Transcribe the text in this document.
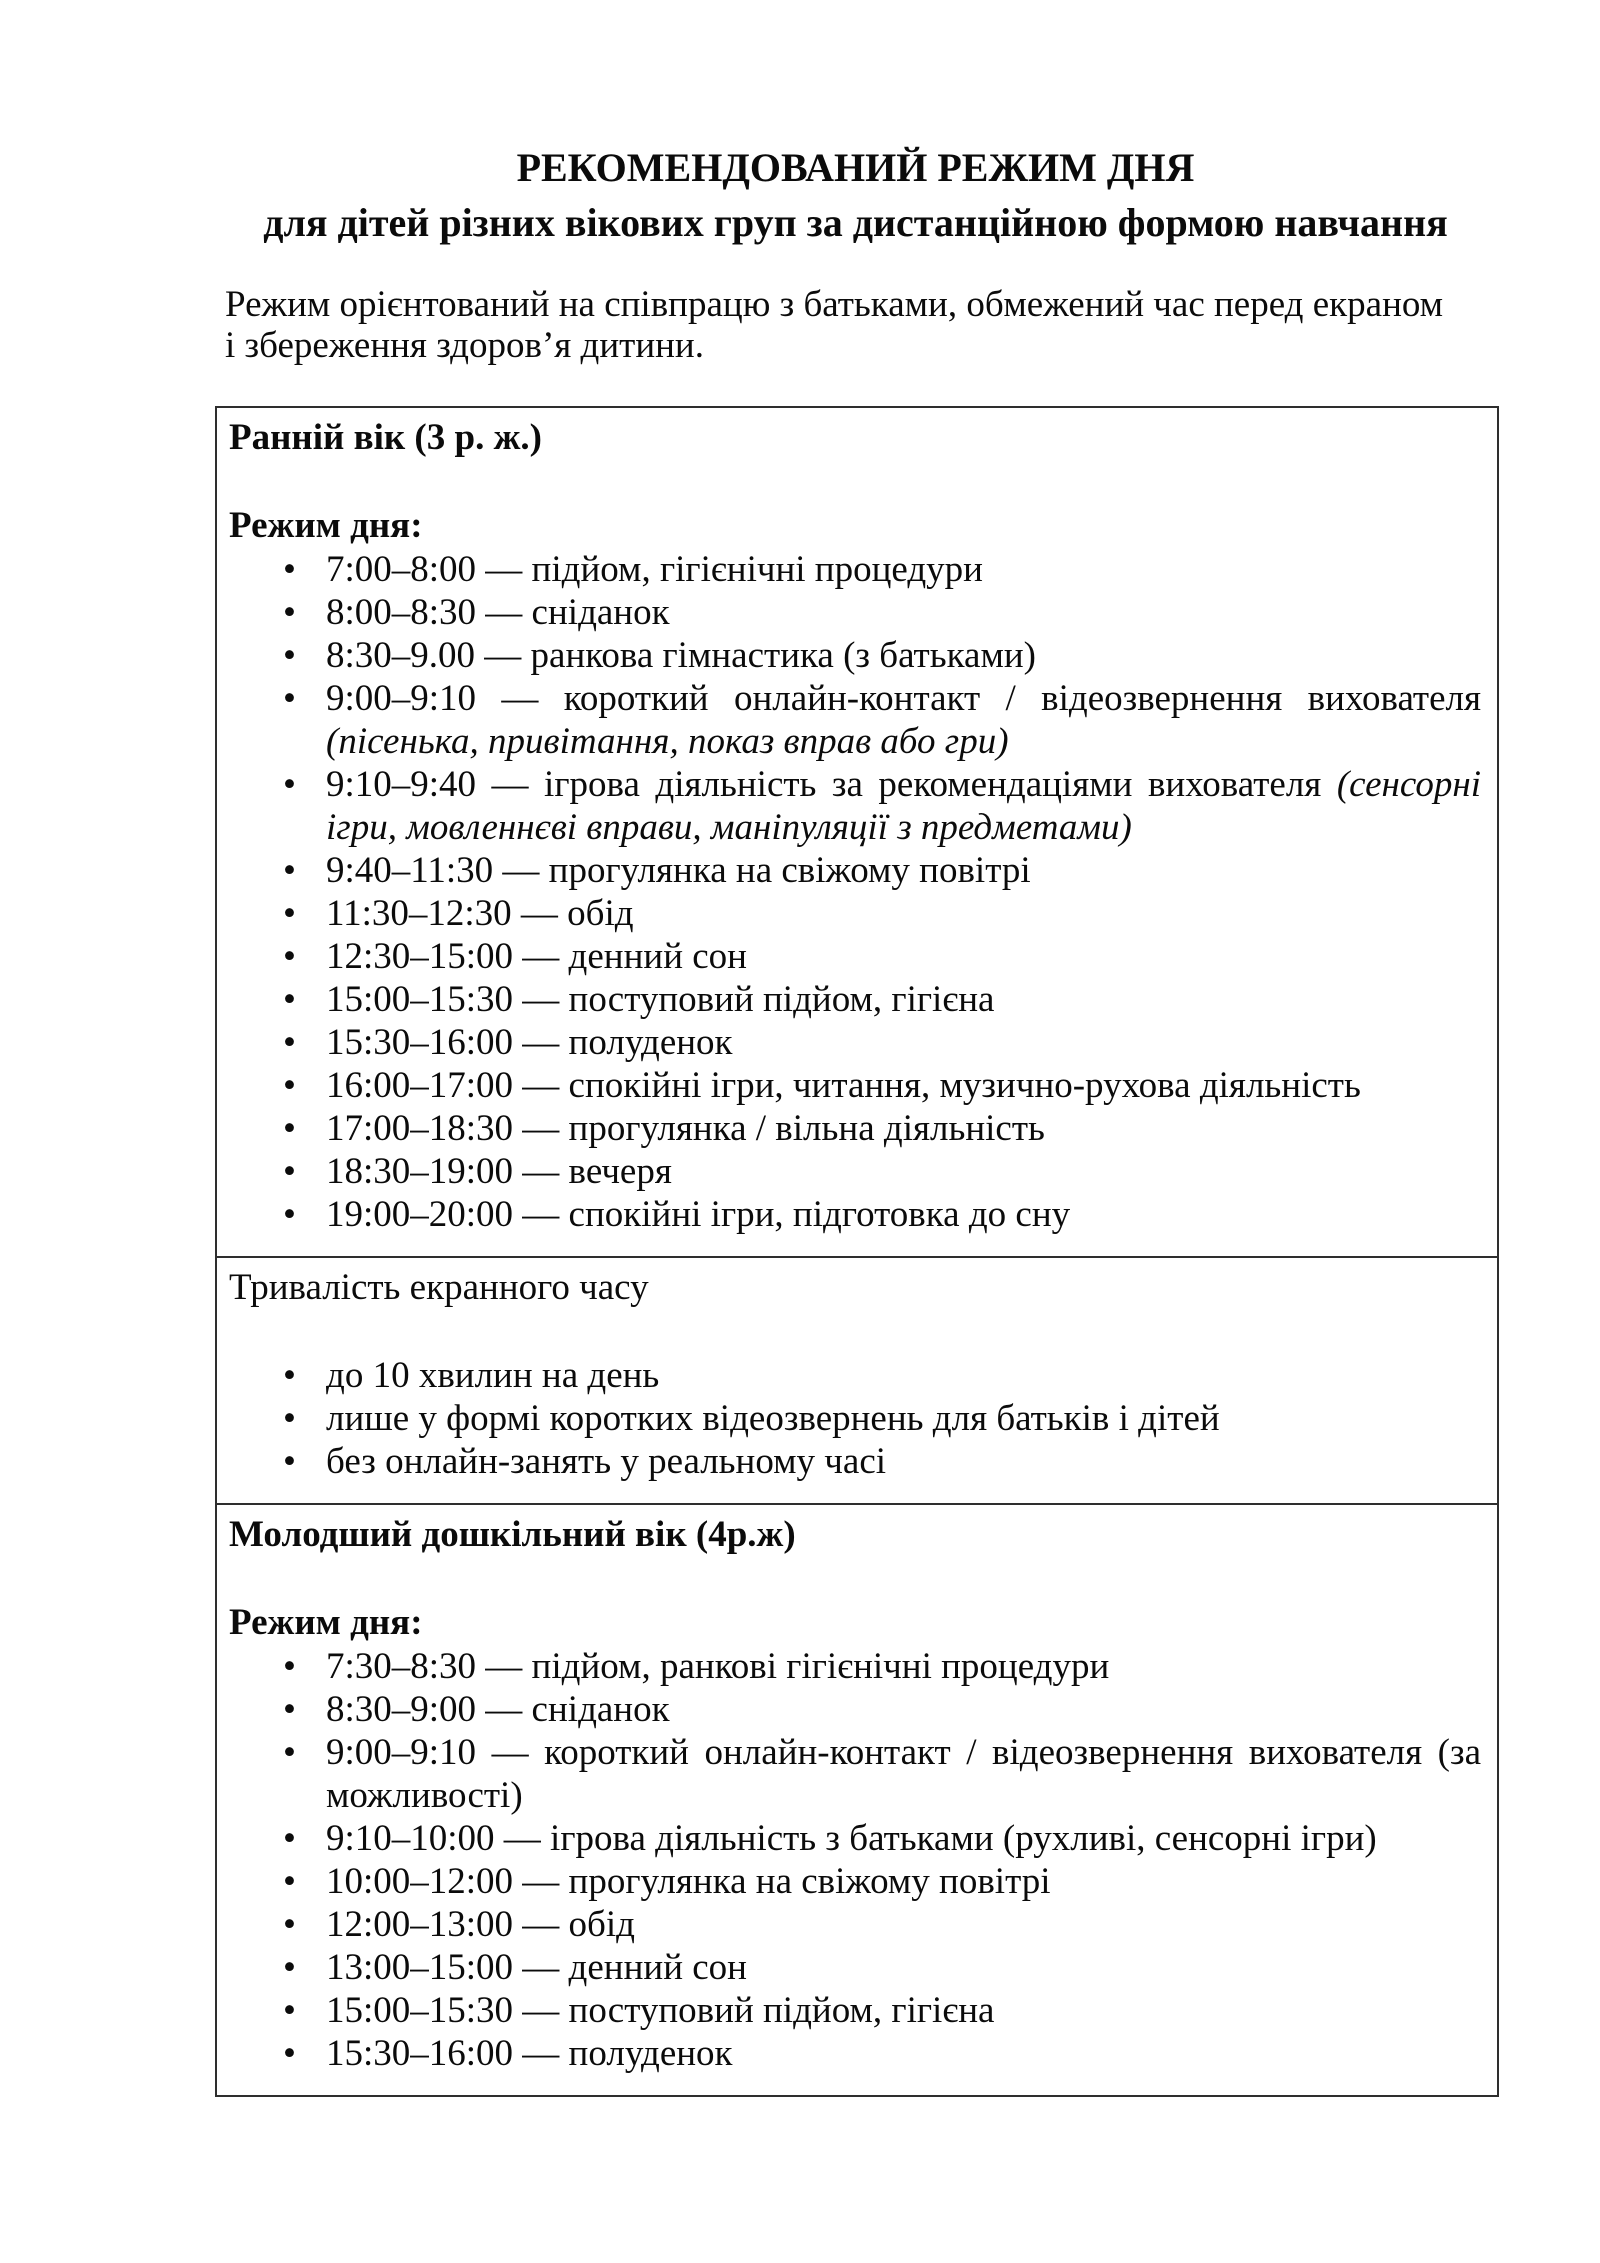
РЕКОМЕНДОВАНИЙ РЕЖИМ ДНЯ
для дітей різних вікових груп за дистанційною формою навчання
Режим орієнтований на співпрацю з батьками, обмежений час перед екраном
і збереження здоров’я дитини.
Ранній вік (3 р. ж.)
Режим дня:
• 7:00–8:00 — підйом, гігієнічні процедури
• 8:00–8:30 — сніданок
• 8:30–9.00 — ранкова гімнастика (з батьками)
• 9:00–9:10 — короткий онлайн-контакт / відеозвернення вихователя (пісенька, привітання, показ вправ або гри)
• 9:10–9:40 — ігрова діяльність за рекомендаціями вихователя (сенсорні ігри, мовленнєві вправи, маніпуляції з предметами)
• 9:40–11:30 — прогулянка на свіжому повітрі
• 11:30–12:30 — обід
• 12:30–15:00 — денний сон
• 15:00–15:30 — поступовий підйом, гігієна
• 15:30–16:00 — полуденок
• 16:00–17:00 — спокійні ігри, читання, музично-рухова діяльність
• 17:00–18:30 — прогулянка / вільна діяльність
• 18:30–19:00 — вечеря
• 19:00–20:00 — спокійні ігри, підготовка до сну
Тривалість екранного часу
• до 10 хвилин на день
• лише у формі коротких відеозвернень для батьків і дітей
• без онлайн-занять у реальному часі
Молодший дошкільний вік (4р.ж)
Режим дня:
• 7:30–8:30 — підйом, ранкові гігієнічні процедури
• 8:30–9:00 — сніданок
• 9:00–9:10 — короткий онлайн-контакт / відеозвернення вихователя (за можливості)
• 9:10–10:00 — ігрова діяльність з батьками (рухливі, сенсорні ігри)
• 10:00–12:00 — прогулянка на свіжому повітрі
• 12:00–13:00 — обід
• 13:00–15:00 — денний сон
• 15:00–15:30 — поступовий підйом, гігієна
• 15:30–16:00 — полуденок
